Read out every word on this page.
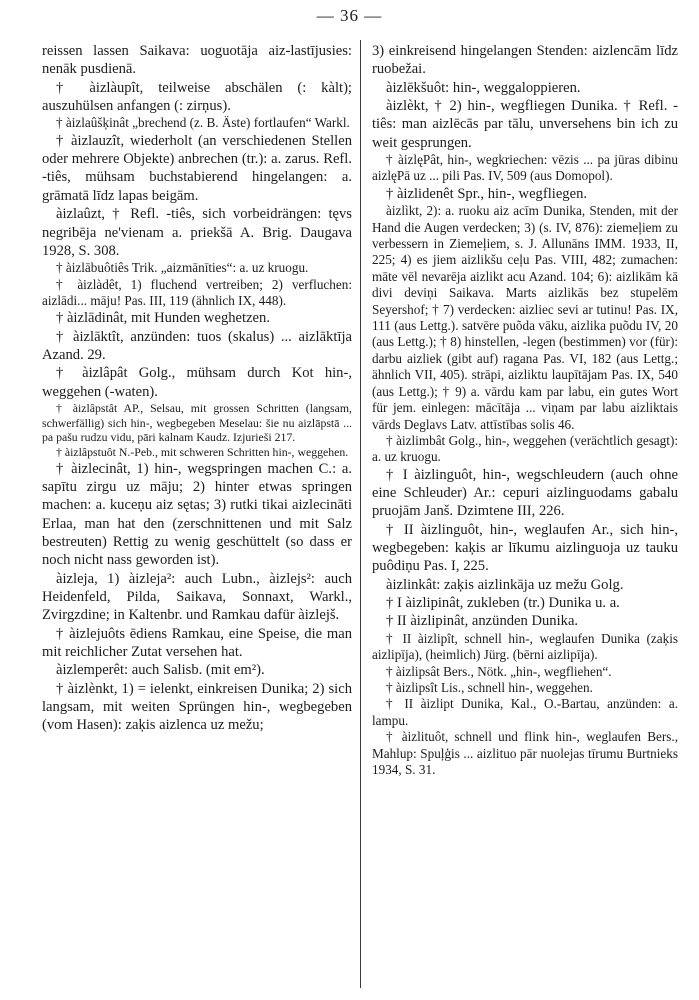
— 36 —

reissen lassen Saikava: uoguotāja aiz-lastījusies: nenāk pusdienā.

† àizlàupît, teilweise abschälen (: kàlt); auszuhülsen anfangen (: zirņus).

† àizlaûšķinât „brechend (z. B. Äste) fortlaufen“ Warkl.

† àizlauzît, wiederholt (an verschiedenen Stellen oder mehrere Objekte) anbrechen (tr.): a. zarus. Refl. -tiês, mühsam buchstabierend hingelangen: a. grāmatā līdz lapas beigām.

àizlaûzt, † Refl. -tiês, sich vorbeidrängen: tęvs negribēja ne'vienam a. priekšā A. Brig. Daugava 1928, S. 308.

† àizlābuôtiês Trik. „aizmānīties“: a. uz kruogu.

† àizlàdêt, 1) fluchend vertreiben; 2) verfluchen: aizlādi... māju! Pas. III, 119 (ähnlich IX, 448).

† àizlādinât, mit Hunden weghetzen.

† àizlāktît, anzünden: tuos (skalus) ... aizlāktīja Azand. 29.

† àizlâpât Golg., mühsam durch Kot hin-, weggehen (-waten).

† àizlâpstât AP., Selsau, mit grossen Schritten (langsam, schwerfällig) sich hin-, wegbegeben Meselau: šie nu aizlāpstā ... pa pašu rudzu vidu, pāri kalnam Kaudz. Izjurieši 217.

† àizlâpstuôt N.-Peb., mit schweren Schritten hin-, weggehen.

† àizlecinât, 1) hin-, wegspringen machen C.: a. sapītu zirgu uz māju; 2) hinter etwas springen machen: a. kuceņu aiz sętas; 3) rutki tikai aizlecināti Erlaa, man hat den (zerschnittenen und mit Salz bestreuten) Rettig zu wenig geschüttelt (so dass er noch nicht nass geworden ist).

àizleja, 1) àizleja²: auch Lubn., àizlejs²: auch Heidenfeld, Pilda, Saikava, Sonnaxt, Warkl., Zvirgzdine; in Kaltenbr. und Ramkau dafür àizlejš.

† àizlejuôts ēdiens Ramkau, eine Speise, die man mit reichlicher Zutat versehen hat.

àizlemperêt: auch Salisb. (mit em²).

† àizlènkt, 1) = ielenkt, einkreisen Dunika; 2) sich langsam, mit weiten Sprüngen hin-, wegbegeben (vom Hasen): zaķis aizlenca uz mežu;

3) einkreisend hingelangen Stenden: aizlencām līdz ruobežai.

àizlēkšuôt: hin-, weggaloppieren.

àizlèkt, † 2) hin-, wegfliegen Dunika. † Refl. -tiês: man aizlēcās par tālu, unversehens bin ich zu weit gesprungen.

† àizlęPât, hin-, wegkriechen: vēzis ... pa jūras dibinu aizlęPā uz ... pili Pas. IV, 509 (aus Domopol).

† àizlidenêt Spr., hin-, wegfliegen.

àizlìkt, 2): a. ruoku aiz acīm Dunika, Stenden, mit der Hand die Augen verdecken; 3) (s. IV, 876): ziemeļiem zu verbessern in Ziemeļiem, s. J. Allunāns IMM. 1933, II, 225; 4) es jiem aizlikšu ceļu Pas. VIII, 482; zumachen: māte vēl nevarēja aizlikt acu Azand. 104; 6): aizlikām kā divi deviņi Saikava. Marts aizlikās bez stupelēm Seyershof; † 7) verdecken: aizliec sevi ar tutinu! Pas. IX, 111 (aus Lettg.). satvēre puõda vāku, aizlika puõdu IV, 20 (aus Lettg.); † 8) hinstellen, -legen (bestimmen) vor (für): darbu aizliek (gibt auf) ragana Pas. VI, 182 (aus Lettg.; ähnlich VII, 405). strāpi, aizliktu laupītājam Pas. IX, 540 (aus Lettg.); † 9) a. vārdu kam par labu, ein gutes Wort für jem. einlegen: mācītāja ... viņam par labu aizliktais vārds Deglavs Latv. attīstības solis 46.

† àizlimbât Golg., hin-, weggehen (verächtlich gesagt): a. uz kruogu.

† I àizlinguôt, hin-, wegschleudern (auch ohne eine Schleuder) Ar.: cepuri aizlinguodams gabalu pruojām Janš. Dzimtene III, 226.

† II àizlinguôt, hin-, weglaufen Ar., sich hin-, wegbegeben: kaķis ar līkumu aizlinguoja uz tauku puôdiņu Pas. I, 225.

àizlinkât: zaķis aizlinkāja uz mežu Golg.

† I àizlipinât, zukleben (tr.) Dunika u. a.

† II àizlipinât, anzünden Dunika.

† II àizlipît, schnell hin-, weglaufen Dunika (zaķis aizlipīja), (heimlich) Jürg. (bērni aizlipīja).

† àizlipsât Bers., Nötk. „hin-, wegfliehen“.

† àizlipsît Lis., schnell hin-, weggehen.

† II àizlipt Dunika, Kal., O.-Bartau, anzünden: a. lampu.

† àizlituôt, schnell und flink hin-, weglaufen Bers., Mahlup: Spuļģis ... aizlituo pār nuolejas tīrumu Burtnieks 1934, S. 31.
